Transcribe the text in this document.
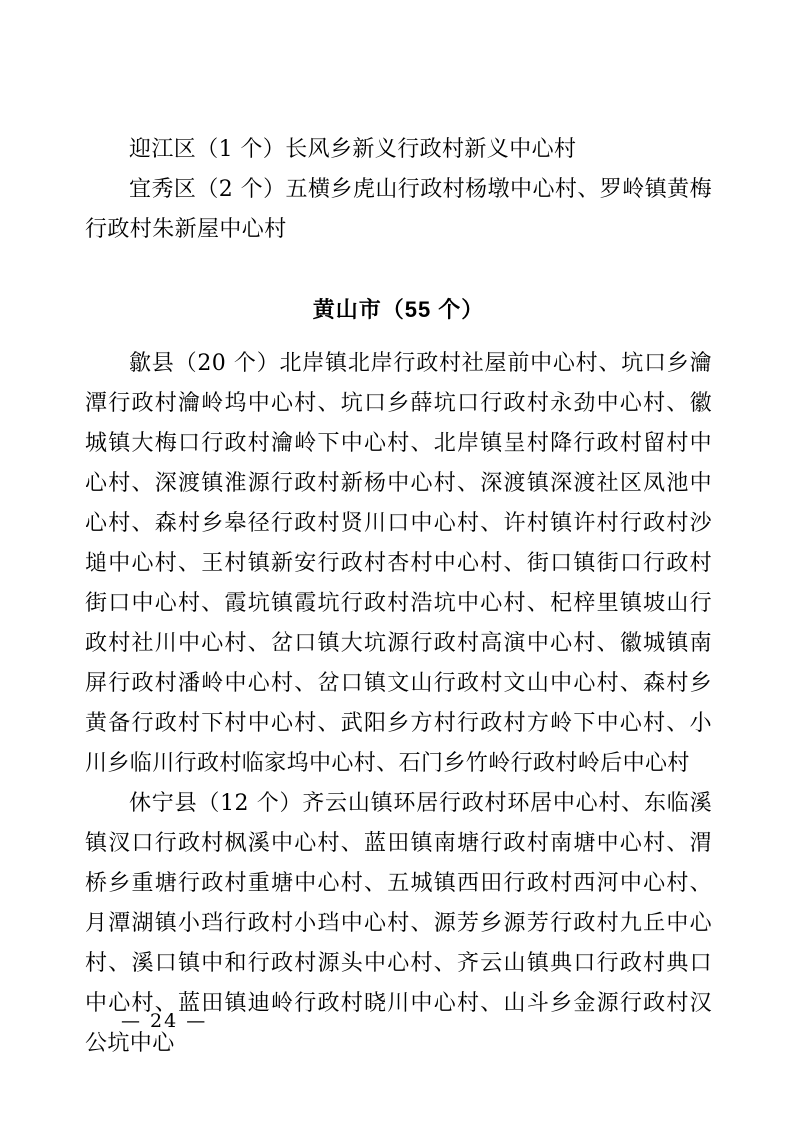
迎江区（1 个）长风乡新义行政村新义中心村

宜秀区（2 个）五横乡虎山行政村杨墩中心村、罗岭镇黄梅行政村朱新屋中心村

黄山市（55 个）

歙县（20 个）北岸镇北岸行政村社屋前中心村、坑口乡瀹潭行政村瀹岭坞中心村、坑口乡薛坑口行政村永劲中心村、徽城镇大梅口行政村瀹岭下中心村、北岸镇呈村降行政村留村中心村、深渡镇淮源行政村新杨中心村、深渡镇深渡社区凤池中心村、森村乡皋径行政村贤川口中心村、许村镇许村行政村沙塠中心村、王村镇新安行政村杏村中心村、街口镇街口行政村街口中心村、霞坑镇霞坑行政村浩坑中心村、杞梓里镇坡山行政村社川中心村、岔口镇大坑源行政村高演中心村、徽城镇南屏行政村潘岭中心村、岔口镇文山行政村文山中心村、森村乡黄备行政村下村中心村、武阳乡方村行政村方岭下中心村、小川乡临川行政村临家坞中心村、石门乡竹岭行政村岭后中心村

休宁县（12 个）齐云山镇环居行政村环居中心村、东临溪镇汊口行政村枫溪中心村、蓝田镇南塘行政村南塘中心村、渭桥乡重塘行政村重塘中心村、五城镇西田行政村西河中心村、月潭湖镇小珰行政村小珰中心村、源芳乡源芳行政村九丘中心村、溪口镇中和行政村源头中心村、齐云山镇典口行政村典口中心村、蓝田镇迪岭行政村晓川中心村、山斗乡金源行政村汉公坑中心

— 24 —
